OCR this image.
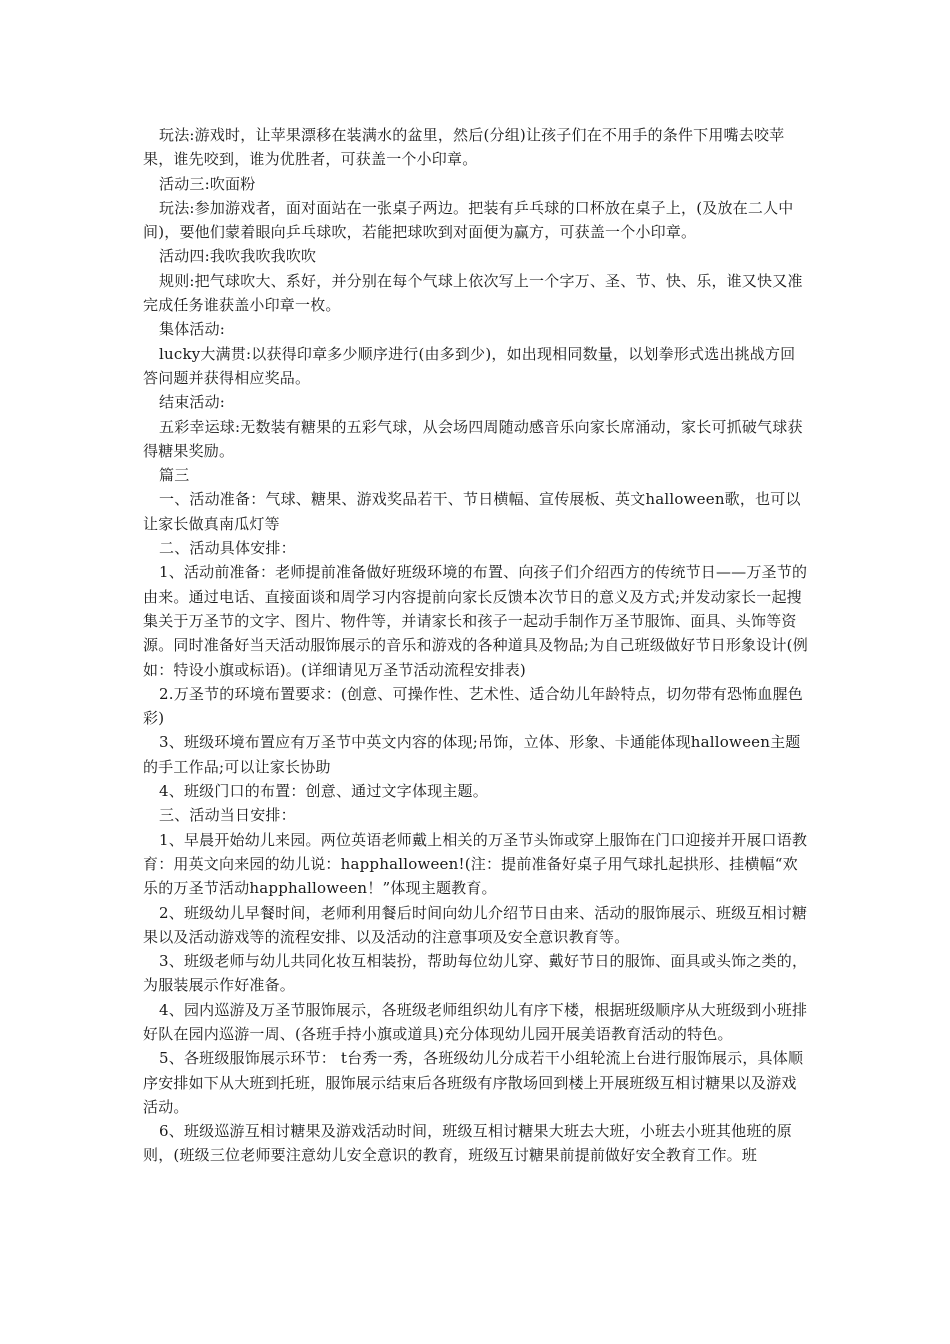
玩法:游戏时，让苹果漂移在装满水的盆里，然后(分组)让孩子们在不用手的条件下用嘴去咬苹果，谁先咬到，谁为优胜者，可获盖一个小印章。

活动三:吹面粉

玩法:参加游戏者，面对面站在一张桌子两边。把装有乒乓球的口杯放在桌子上，(及放在二人中间)，要他们蒙着眼向乒乓球吹，若能把球吹到对面便为赢方，可获盖一个小印章。

活动四:我吹我吹我吹吹

规则:把气球吹大、系好，并分别在每个气球上依次写上一个字万、圣、节、快、乐，谁又快又准完成任务谁获盖小印章一枚。

集体活动:

lucky大满贯:以获得印章多少顺序进行(由多到少)，如出现相同数量，以划拳形式选出挑战方回答问题并获得相应奖品。

结束活动:

五彩幸运球:无数装有糖果的五彩气球，从会场四周随动感音乐向家长席涌动，家长可抓破气球获得糖果奖励。

篇三

一、活动准备：气球、糖果、游戏奖品若干、节日横幅、宣传展板、英文halloween歌，也可以让家长做真南瓜灯等

二、活动具体安排：

1、活动前准备：老师提前准备做好班级环境的布置、向孩子们介绍西方的传统节日——万圣节的由来。通过电话、直接面谈和周学习内容提前向家长反馈本次节日的意义及方式;并发动家长一起搜集关于万圣节的文字、图片、物件等，并请家长和孩子一起动手制作万圣节服饰、面具、头饰等资源。同时准备好当天活动服饰展示的音乐和游戏的各种道具及物品;为自己班级做好节日形象设计(例如：特设小旗或标语)。(详细请见万圣节活动流程安排表)

2.万圣节的环境布置要求：(创意、可操作性、艺术性、适合幼儿年龄特点，切勿带有恐怖血腥色彩)

3、班级环境布置应有万圣节中英文内容的体现;吊饰，立体、形象、卡通能体现halloween主题的手工作品;可以让家长协助

4、班级门口的布置：创意、通过文字体现主题。

三、活动当日安排：

1、早晨开始幼儿来园。两位英语老师戴上相关的万圣节头饰或穿上服饰在门口迎接并开展口语教育：用英文向来园的幼儿说：happhalloween!(注：提前准备好桌子用气球扎起拱形、挂横幅“欢乐的万圣节活动happhalloween！”体现主题教育。

2、班级幼儿早餐时间，老师利用餐后时间向幼儿介绍节日由来、活动的服饰展示、班级互相讨糖果以及活动游戏等的流程安排、以及活动的注意事项及安全意识教育等。

3、班级老师与幼儿共同化妆互相装扮，帮助每位幼儿穿、戴好节日的服饰、面具或头饰之类的，为服装展示作好准备。

4、园内巡游及万圣节服饰展示，各班级老师组织幼儿有序下楼，根据班级顺序从大班级到小班排好队在园内巡游一周、(各班手持小旗或道具)充分体现幼儿园开展美语教育活动的特色。

5、各班级服饰展示环节： t台秀一秀，各班级幼儿分成若干小组轮流上台进行服饰展示，具体顺序安排如下从大班到托班，服饰展示结束后各班级有序散场回到楼上开展班级互相讨糖果以及游戏活动。

6、班级巡游互相讨糖果及游戏活动时间，班级互相讨糖果大班去大班，小班去小班其他班的原则，(班级三位老师要注意幼儿安全意识的教育，班级互讨糖果前提前做好安全教育工作。班
